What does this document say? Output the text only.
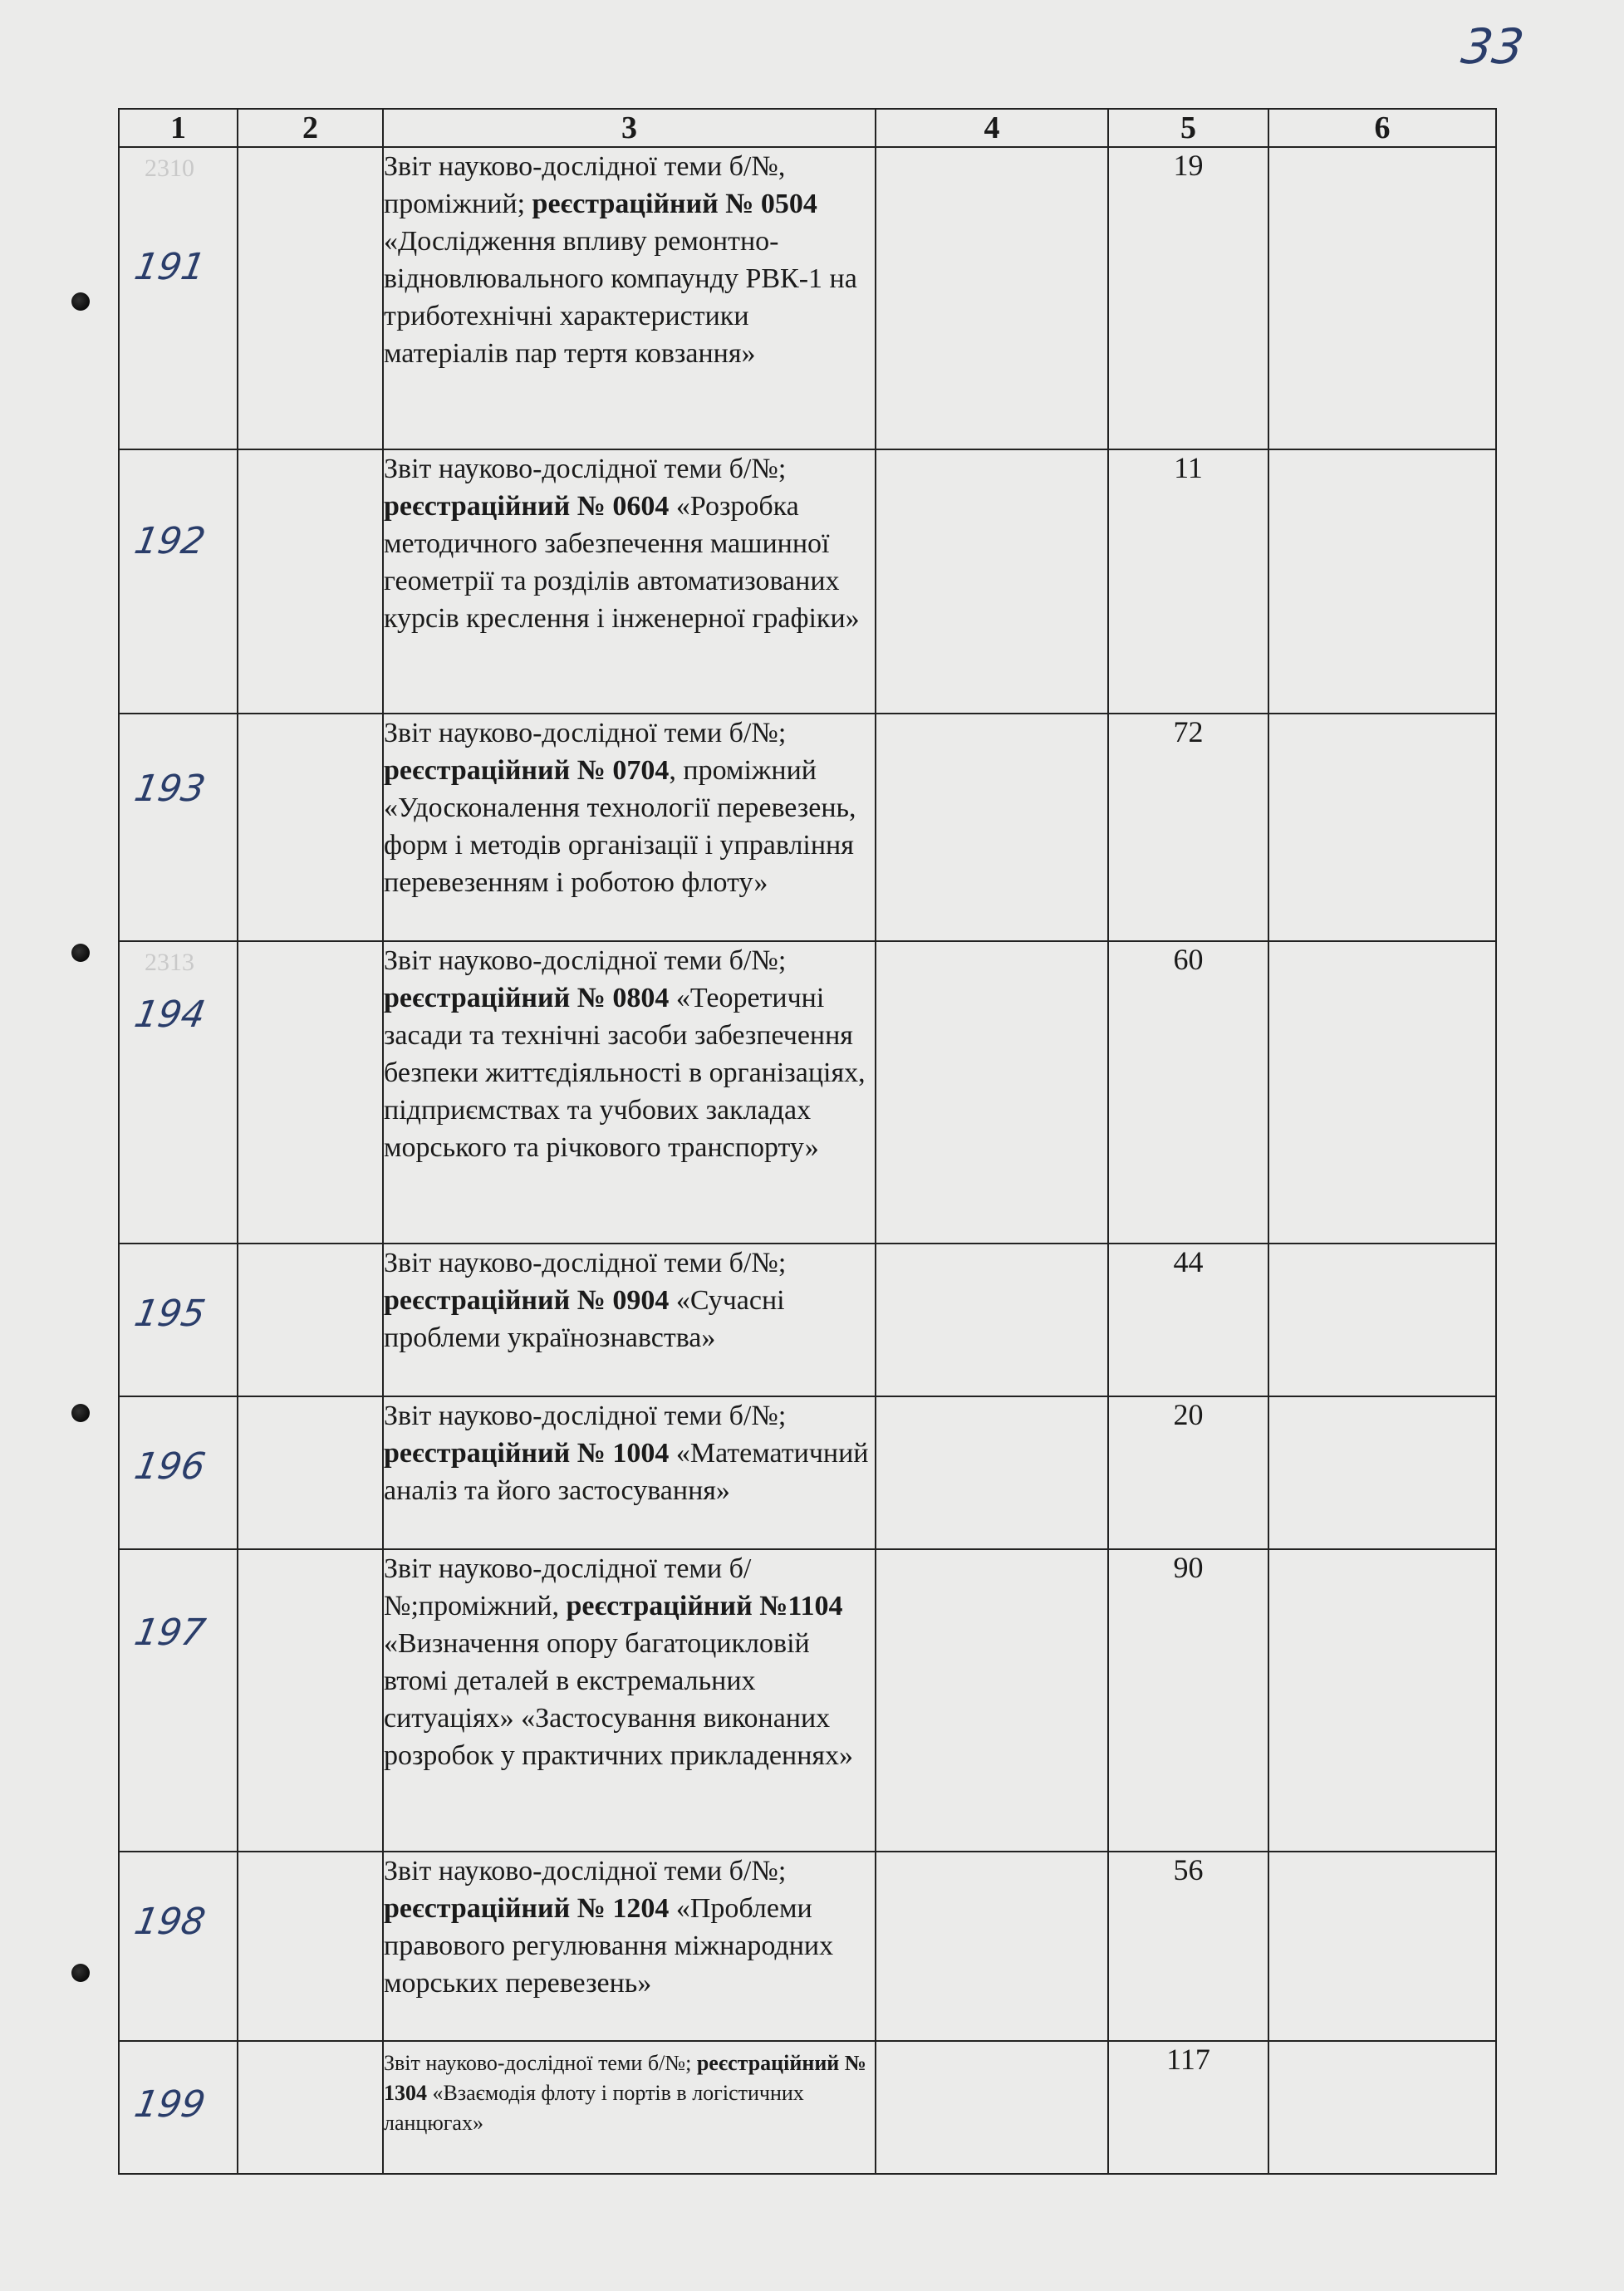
33
1	2	3	4	5	6

2310
191		Звіт науково-дослідної теми б/№, проміжний; реєстраційний № 0504 «Дослідження впливу ремонтно-відновлювального компаунду РВК-1 на триботехнічні характеристики матеріалів пар тертя ковзання»		19	

192		Звіт науково-дослідної теми б/№; реєстраційний № 0604 «Розробка методичного забезпечення машинної геометрії та розділів автоматизованих курсів креслення і інженерної графіки»		11	

193		Звіт науково-дослідної теми б/№; реєстраційний № 0704, проміжний «Удосконалення технології перевезень, форм і методів організації і управління перевезенням і роботою флоту»		72	

2313
194		Звіт науково-дослідної теми б/№; реєстраційний № 0804 «Теоретичні засади та технічні засоби забезпечення безпеки життєдіяльності в організаціях, підприємствах та учбових закладах морського та річкового транспорту»		60	

195		Звіт науково-дослідної теми б/№; реєстраційний № 0904 «Сучасні проблеми українознавства»		44	

196		Звіт науково-дослідної теми б/№; реєстраційний № 1004 «Математичний аналіз та його застосування»		20	

197		Звіт науково-дослідної теми б/№;проміжний, реєстраційний №1104 «Визначення опору багатоцикловій втомі деталей в екстремальних ситуаціях» «Застосування виконаних розробок у практичних прикладеннях»		90	

198		Звіт науково-дослідної теми б/№; реєстраційний № 1204 «Проблеми правового регулювання міжнародних морських перевезень»		56	

199		Звіт науково-дослідної теми б/№; реєстраційний № 1304 «Взаємодія флоту і портів в логістичних ланцюгах»		117	
